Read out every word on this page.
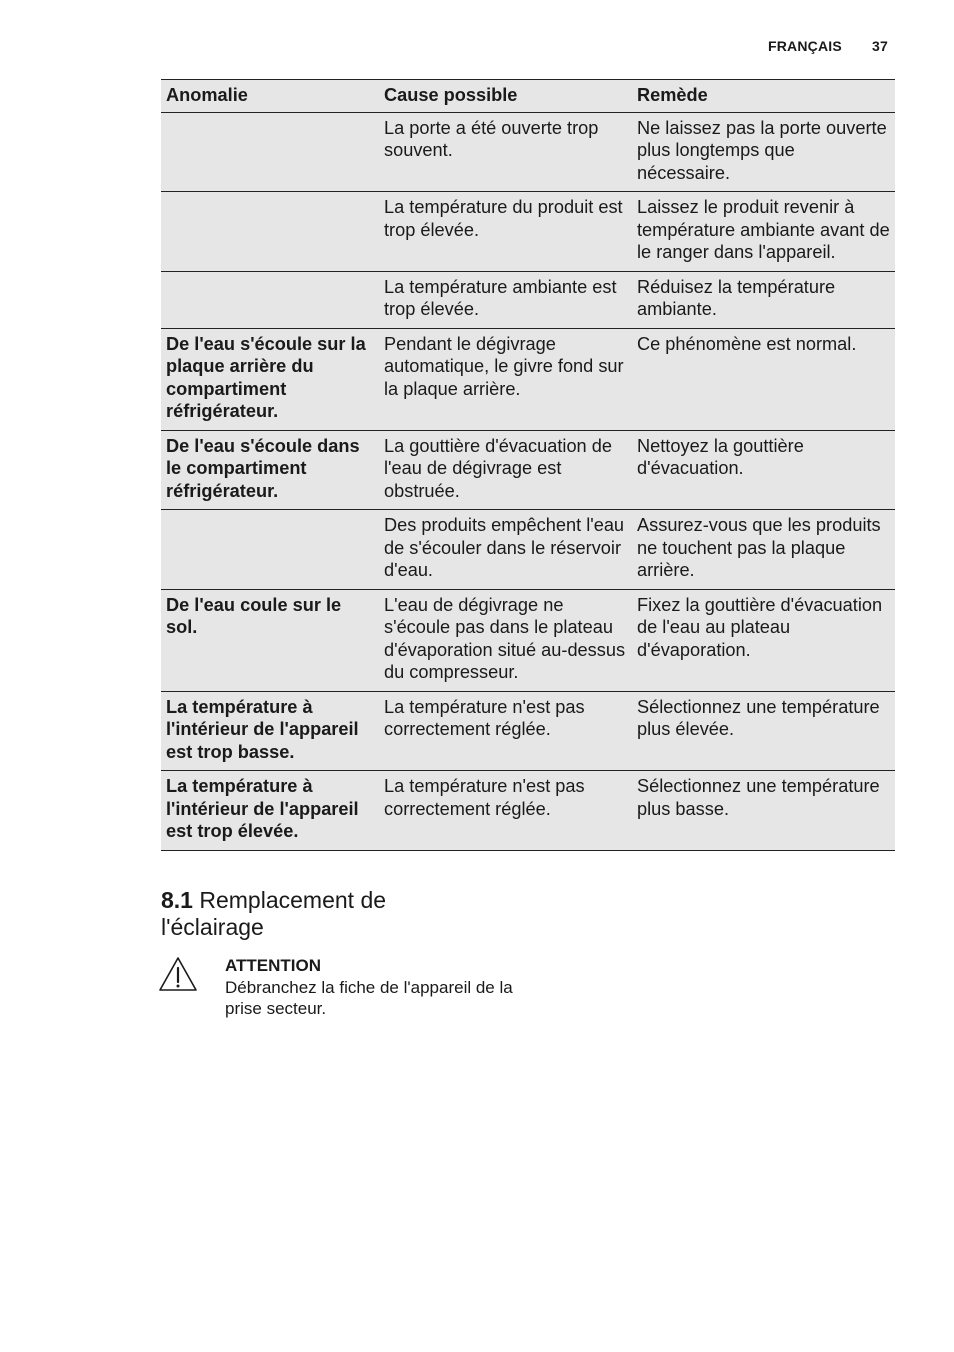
FRANÇAIS 37
Anomalie	Cause possible	Remède
	La porte a été ouverte trop souvent.	Ne laissez pas la porte ouverte plus longtemps que nécessaire.
	La température du produit est trop élevée.	Laissez le produit revenir à température ambiante avant de le ranger dans l'appareil.
	La température ambiante est trop élevée.	Réduisez la température ambiante.
De l'eau s'écoule sur la plaque arrière du compartiment réfrigérateur.	Pendant le dégivrage automatique, le givre fond sur la plaque arrière.	Ce phénomène est normal.
De l'eau s'écoule dans le compartiment réfrigérateur.	La gouttière d'évacuation de l'eau de dégivrage est obstruée.	Nettoyez la gouttière d'évacuation.
	Des produits empêchent l'eau de s'écouler dans le réservoir d'eau.	Assurez-vous que les produits ne touchent pas la plaque arrière.
De l'eau coule sur le sol.	L'eau de dégivrage ne s'écoule pas dans le plateau d'évaporation situé au-dessus du compresseur.	Fixez la gouttière d'évacuation de l'eau au plateau d'évaporation.
La température à l'intérieur de l'appareil est trop basse.	La température n'est pas correctement réglée.	Sélectionnez une température plus élevée.
La température à l'intérieur de l'appareil est trop élevée.	La température n'est pas correctement réglée.	Sélectionnez une température plus basse.
8.1 Remplacement de l'éclairage
ATTENTION
Débranchez la fiche de l'appareil de la prise secteur.
